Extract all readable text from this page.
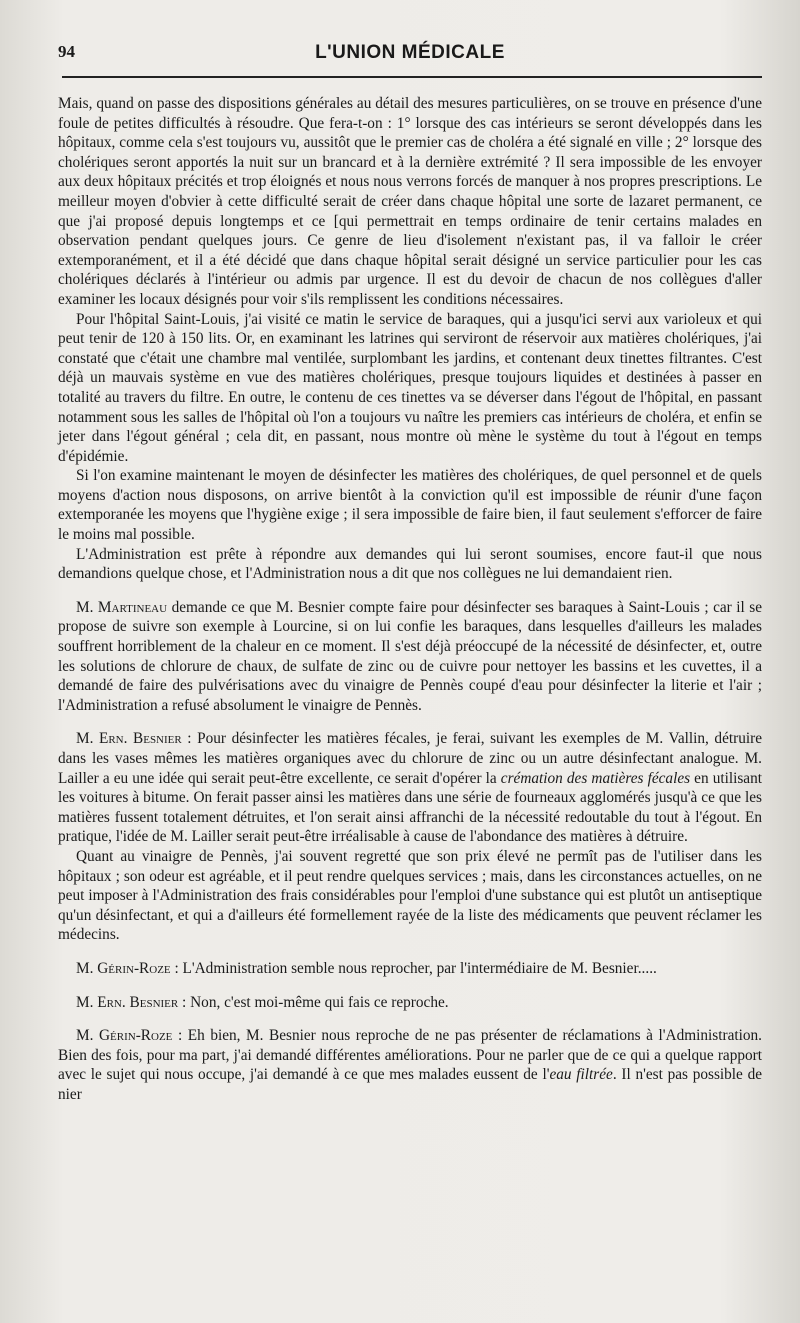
94	L'UNION MÉDICALE

Mais, quand on passe des dispositions générales au détail des mesures particulières, on se trouve en présence d'une foule de petites difficultés à résoudre. Que fera-t-on : 1° lorsque des cas intérieurs se seront développés dans les hôpitaux, comme cela s'est toujours vu, aussitôt que le premier cas de choléra a été signalé en ville ; 2° lorsque des cholériques seront apportés la nuit sur un brancard et à la dernière extrémité ? Il sera impossible de les envoyer aux deux hôpitaux précités et trop éloignés et nous nous verrons forcés de manquer à nos propres prescriptions. Le meilleur moyen d'obvier à cette difficulté serait de créer dans chaque hôpital une sorte de lazaret permanent, ce que j'ai proposé depuis longtemps et ce [qui permettrait en temps ordinaire de tenir certains malades en observation pendant quelques jours. Ce genre de lieu d'isolement n'existant pas, il va falloir le créer extemporanément, et il a été décidé que dans chaque hôpital serait désigné un service particulier pour les cas cholériques déclarés à l'intérieur ou admis par urgence. Il est du devoir de chacun de nos collègues d'aller examiner les locaux désignés pour voir s'ils remplissent les conditions nécessaires.

Pour l'hôpital Saint-Louis, j'ai visité ce matin le service de baraques, qui a jusqu'ici servi aux varioleux et qui peut tenir de 120 à 150 lits. Or, en examinant les latrines qui serviront de réservoir aux matières cholériques, j'ai constaté que c'était une chambre mal ventilée, surplombant les jardins, et contenant deux tinettes filtrantes. C'est déjà un mauvais système en vue des matières cholériques, presque toujours liquides et destinées à passer en totalité au travers du filtre. En outre, le contenu de ces tinettes va se déverser dans l'égout de l'hôpital, en passant notamment sous les salles de l'hôpital où l'on a toujours vu naître les premiers cas intérieurs de choléra, et enfin se jeter dans l'égout général ; cela dit, en passant, nous montre où mène le système du tout à l'égout en temps d'épidémie.

Si l'on examine maintenant le moyen de désinfecter les matières des cholériques, de quel personnel et de quels moyens d'action nous disposons, on arrive bientôt à la conviction qu'il est impossible de réunir d'une façon extemporanée les moyens que l'hygiène exige ; il sera impossible de faire bien, il faut seulement s'efforcer de faire le moins mal possible.

L'Administration est prête à répondre aux demandes qui lui seront soumises, encore faut-il que nous demandions quelque chose, et l'Administration nous a dit que nos collègues ne lui demandaient rien.

M. Martineau demande ce que M. Besnier compte faire pour désinfecter ses baraques à Saint-Louis ; car il se propose de suivre son exemple à Lourcine, si on lui confie les baraques, dans lesquelles d'ailleurs les malades souffrent horriblement de la chaleur en ce moment. Il s'est déjà préoccupé de la nécessité de désinfecter, et, outre les solutions de chlorure de chaux, de sulfate de zinc ou de cuivre pour nettoyer les bassins et les cuvettes, il a demandé de faire des pulvérisations avec du vinaigre de Pennès coupé d'eau pour désinfecter la literie et l'air ; l'Administration a refusé absolument le vinaigre de Pennès.

M. Ern. Besnier : Pour désinfecter les matières fécales, je ferai, suivant les exemples de M. Vallin, détruire dans les vases mêmes les matières organiques avec du chlorure de zinc ou un autre désinfectant analogue. M. Lailler a eu une idée qui serait peut-être excellente, ce serait d'opérer la crémation des matières fécales en utilisant les voitures à bitume. On ferait passer ainsi les matières dans une série de fourneaux agglomérés jusqu'à ce que les matières fussent totalement détruites, et l'on serait ainsi affranchi de la nécessité redoutable du tout à l'égout. En pratique, l'idée de M. Lailler serait peut-être irréalisable à cause de l'abondance des matières à détruire.

Quant au vinaigre de Pennès, j'ai souvent regretté que son prix élevé ne permît pas de l'utiliser dans les hôpitaux ; son odeur est agréable, et il peut rendre quelques services ; mais, dans les circonstances actuelles, on ne peut imposer à l'Administration des frais considérables pour l'emploi d'une substance qui est plutôt un antiseptique qu'un désinfectant, et qui a d'ailleurs été formellement rayée de la liste des médicaments que peuvent réclamer les médecins.

M. Gérin-Roze : L'Administration semble nous reprocher, par l'intermédiaire de M. Besnier.....

M. Ern. Besnier : Non, c'est moi-même qui fais ce reproche.

M. Gérin-Roze : Eh bien, M. Besnier nous reproche de ne pas présenter de réclamations à l'Administration. Bien des fois, pour ma part, j'ai demandé différentes améliorations. Pour ne parler que de ce qui a quelque rapport avec le sujet qui nous occupe, j'ai demandé à ce que mes malades eussent de l'eau filtrée. Il n'est pas possible de nier
